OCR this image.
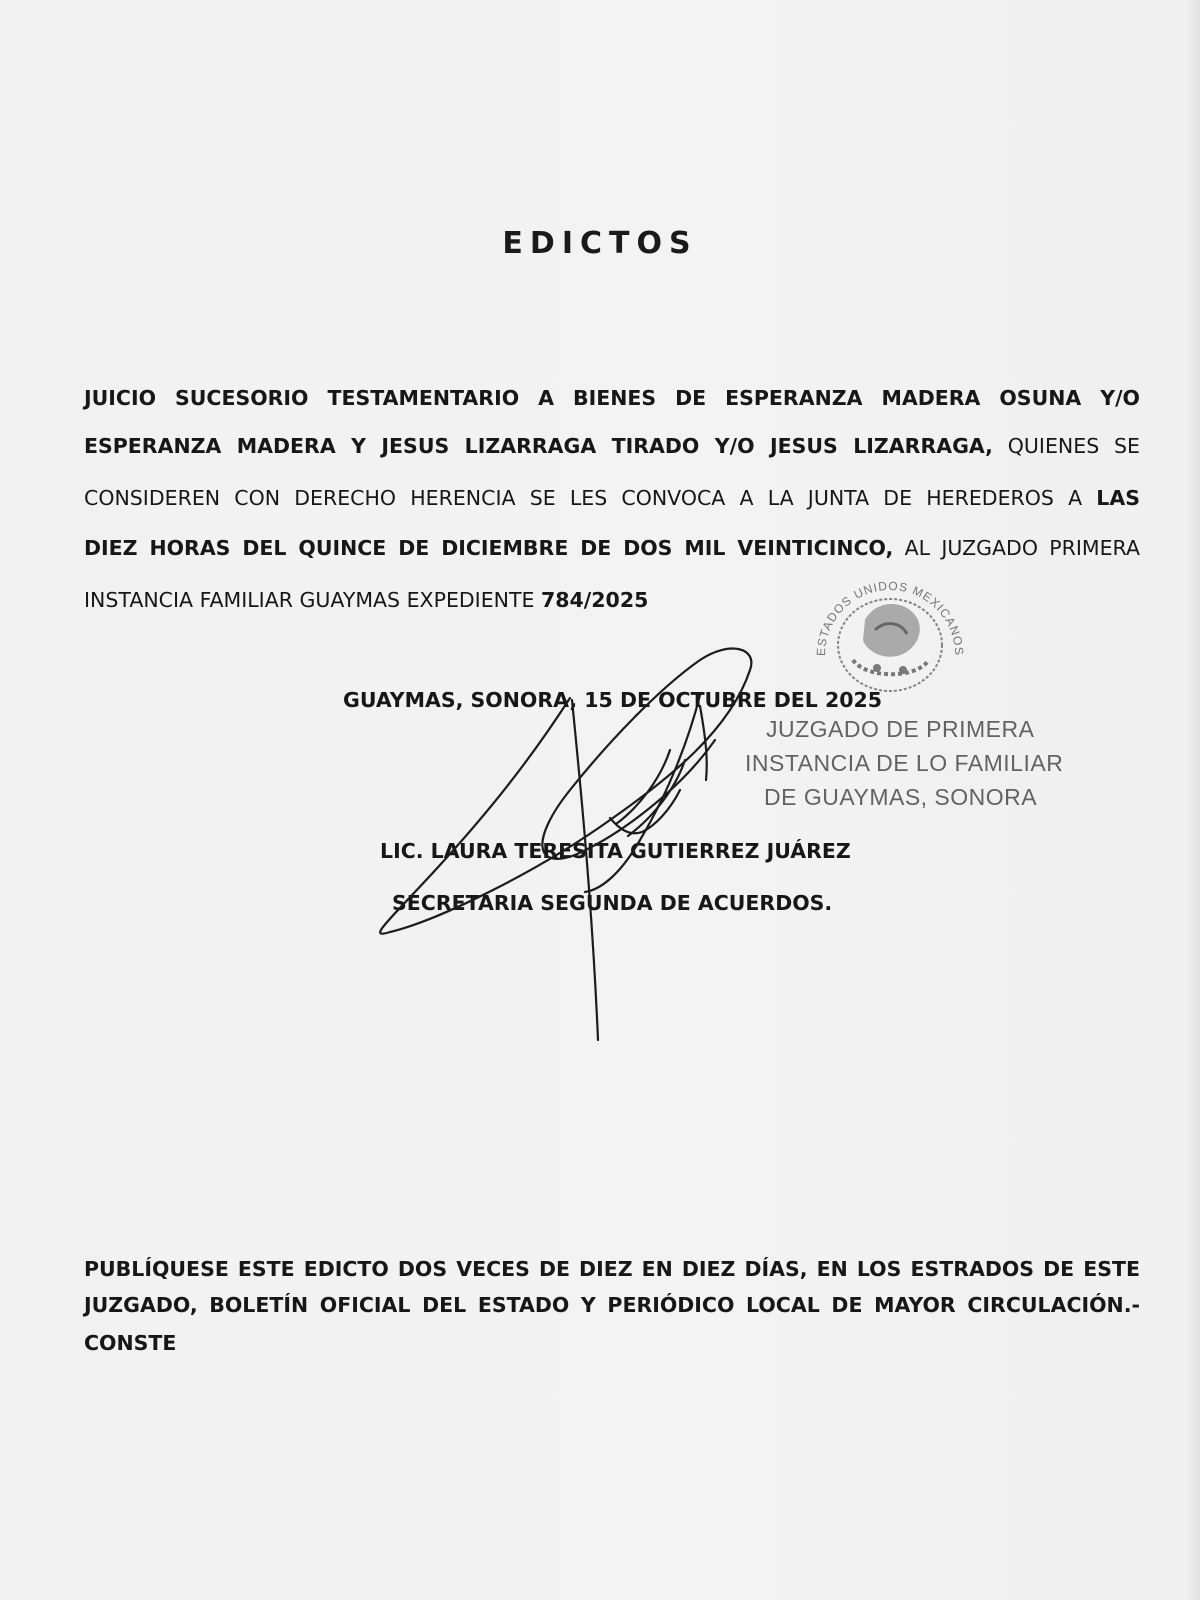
EDICTOS
JUICIO SUCESORIO TESTAMENTARIO A BIENES DE ESPERANZA MADERA OSUNA Y/O
ESPERANZA MADERA Y JESUS LIZARRAGA TIRADO Y/O JESUS LIZARRAGA, QUIENES SE
CONSIDEREN CON DERECHO HERENCIA SE LES CONVOCA A LA JUNTA DE HEREDEROS A LAS
DIEZ HORAS DEL QUINCE DE DICIEMBRE DE DOS MIL VEINTICINCO, AL JUZGADO PRIMERA
INSTANCIA FAMILIAR GUAYMAS EXPEDIENTE 784/2025
ESTADOS UNIDOS MEXICANOS
JUZGADO DE PRIMERA
INSTANCIA DE LO FAMILIAR
DE GUAYMAS, SONORA
GUAYMAS, SONORA, 15 DE OCTUBRE DEL 2025
LIC. LAURA TERESITA GUTIERREZ JUÁREZ
SECRETARIA SEGUNDA DE ACUERDOS.
PUBLÍQUESE ESTE EDICTO DOS VECES DE DIEZ EN DIEZ DÍAS, EN LOS ESTRADOS DE ESTE
JUZGADO, BOLETÍN OFICIAL DEL ESTADO Y PERIÓDICO LOCAL DE MAYOR CIRCULACIÓN.-
CONSTE
